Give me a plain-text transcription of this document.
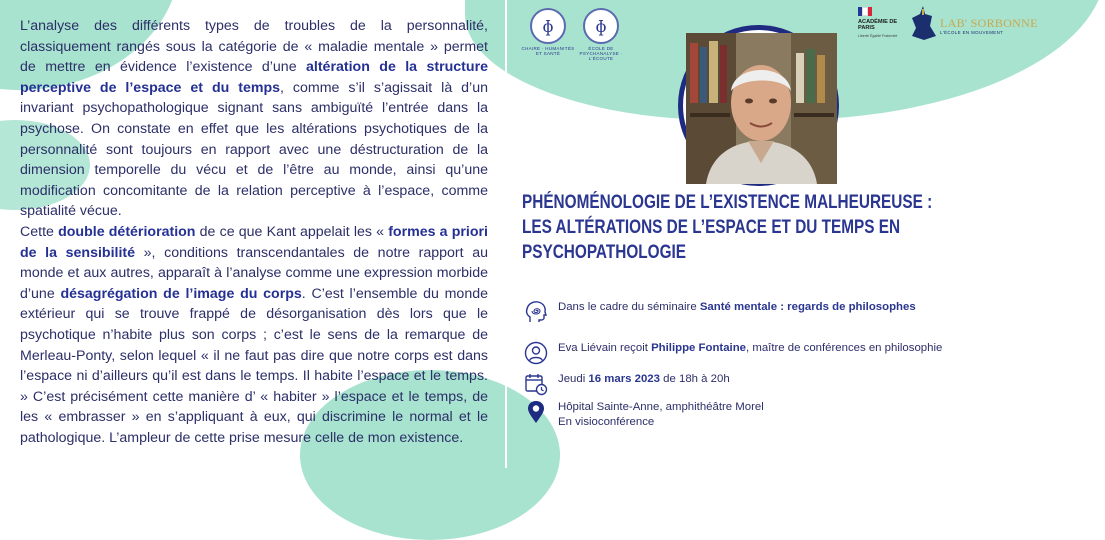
L’analyse des différents types de troubles de la personnalité, classiquement rangés sous la catégorie de « maladie mentale » permet de mettre en évidence l’existence d’une altération de la structure perceptive de l’espace et du temps, comme s’il s’agissait là d’un invariant psychopathologique signant sans ambiguïté l’entrée dans la psychose. On constate en effet que les altérations psychotiques de la personnalité sont toujours en rapport avec une déstructuration de la dimension temporelle du vécu et de l’être au monde, ainsi qu’une modification concomitante de la relation perceptive à l’espace, comme spatialité vécue.

Cette double détérioration de ce que Kant appelait les « formes a priori de la sensibilité », conditions transcendantales de notre rapport au monde et aux autres, apparaît à l’analyse comme une expression morbide d’une désagrégation de l’image du corps. C’est l’ensemble du monde extérieur qui se trouve frappé de désorganisation dès lors que le psychotique n’habite plus son corps ; c’est le sens de la remarque de Merleau-Ponty, selon lequel « il ne faut pas dire que notre corps est dans l’espace ni d’ailleurs qu’il est dans le temps. Il habite l’espace et le temps. » C’est précisément cette manière d’ « habiter » l’espace et le temps, de les « embrasser » en s’appliquant à eux, qui discrimine le normal et le pathologique. L’ampleur de cette prise mesure celle de mon existence.

ɸ
CHAIRE · HUMANITÉS ET SANTÉ
ɸ
ÉCOLE DE PSYCHANALYSE · L'ÉCOUTE
ACADÉMIE DE PARIS
Liberté Égalité Fraternité
LAB' SORBONNE
L'ÉCOLE EN MOUVEMENT
PHÉNOMÉNOLOGIE DE L’EXISTENCE MALHEUREUSE :
LES ALTÉRATIONS DE L’ESPACE ET DU TEMPS EN
PSYCHOPATHOLOGIE
Dans le cadre du séminaire Santé mentale : regards de philosophes
Eva Liévain reçoit Philippe Fontaine, maître de conférences en philosophie
Jeudi 16 mars 2023 de 18h à 20h
Hôpital Sainte-Anne, amphithéâtre Morel
En visioconférence
